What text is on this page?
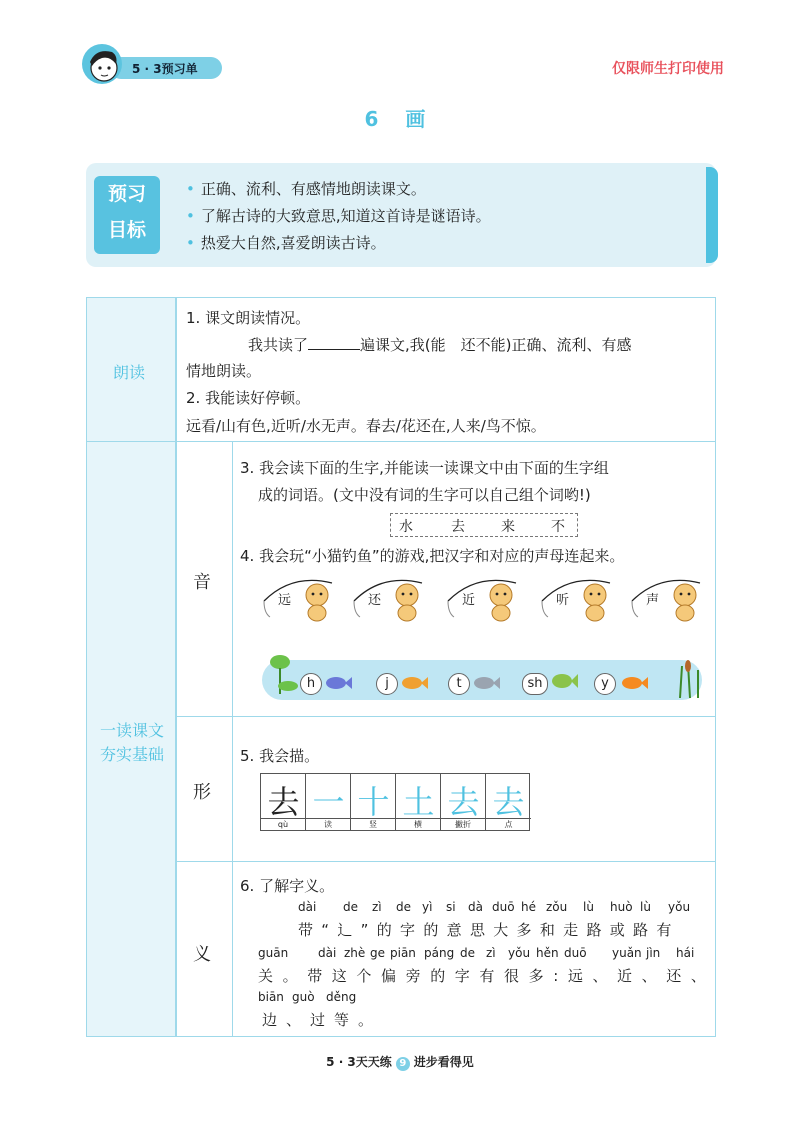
5 · 3预习单	仅限师生打印使用
6 画
预习
目标
• 正确、流利、有感情地朗读课文。
• 了解古诗的大致意思,知道这首诗是谜语诗。
• 热爱大自然,喜爱朗读古诗。
朗读
一读课文
夯实基础
1. 课文朗读情况。
我共读了	遍课文,我(能　还不能)正确、流利、有感
情地朗读。
2. 我能读好停顿。
远看/山有色,近听/水无声。春去/花还在,人来/鸟不惊。
音
3. 我会读下面的生字,并能读一读课文中由下面的生字组
成的词语。(文中没有词的生字可以自己组个词哟!)
水	去	来	不
4. 我会玩“小猫钓鱼”的游戏,把汉字和对应的声母连起来。
远	还	近	听	声
h	j	t	sh	y
形
5. 我会描。
去 一 十 土 去 去
qù	读	竖	横	撇折	点
义
6. 了解字义。
dài de zì de yì si dà duō hé zǒu lù huò lù yǒu
带“辶”的字的意思大多和走路或路有
guān dài zhè ge piān páng de zì yǒu hěn duō yuǎn jìn hái
关。带这个偏旁的字有很多:远、近、还、
biān guò děng
边、过等。
5 · 3天天练 9 进步看得见
